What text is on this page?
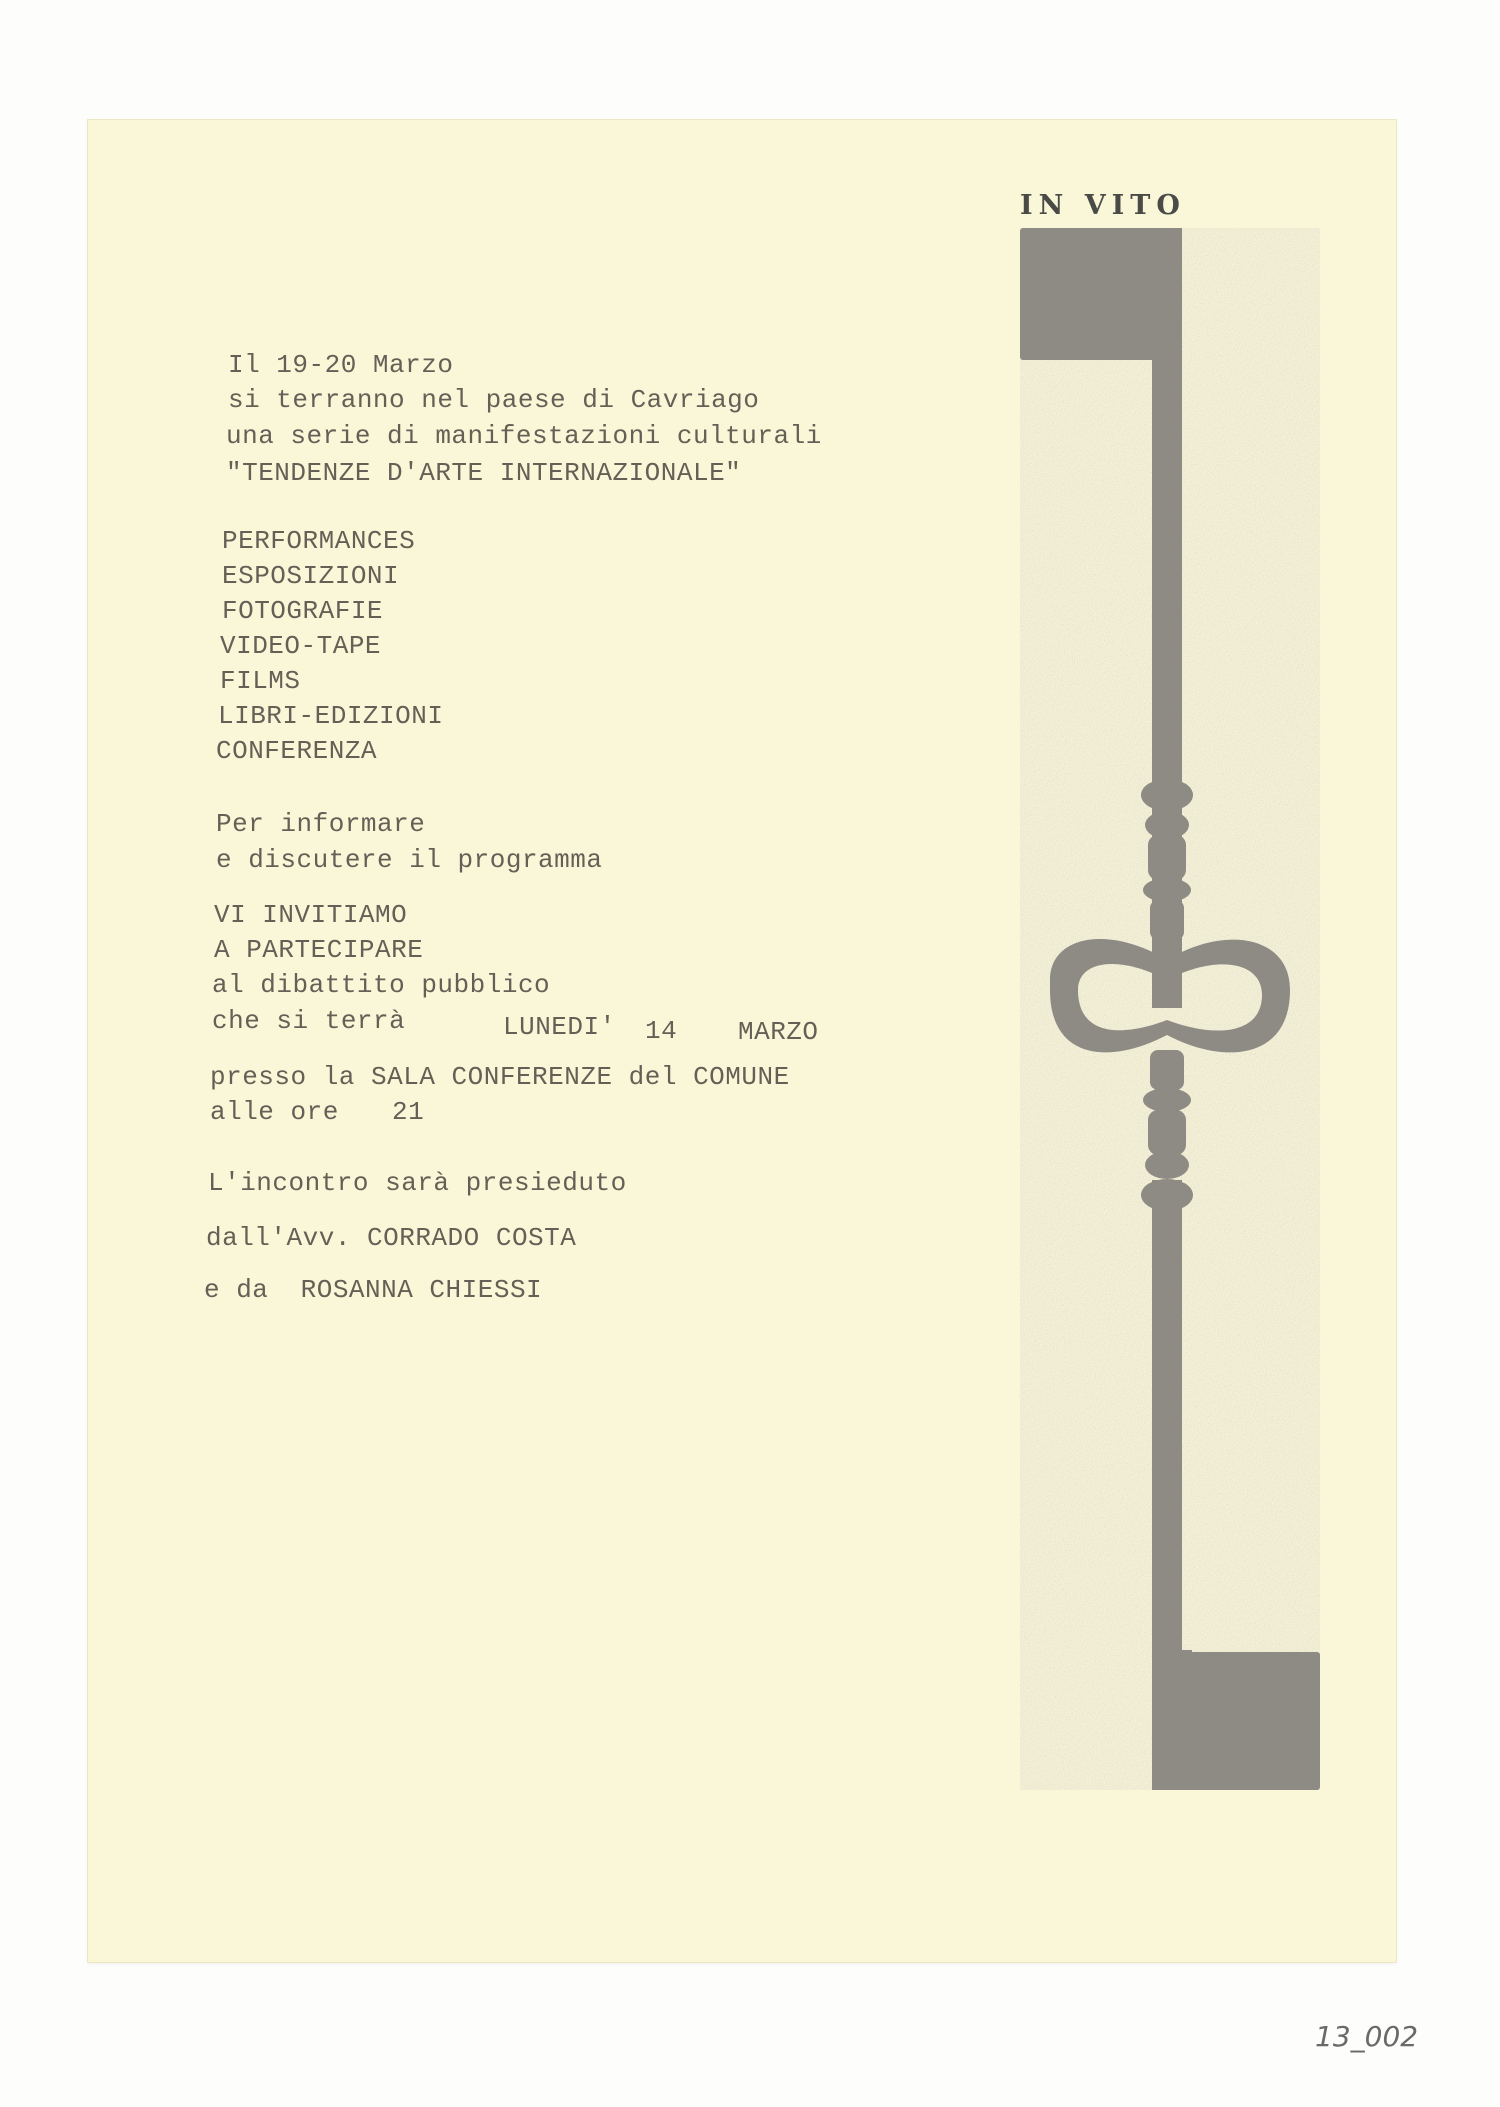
IN VITO
Il 19-20 Marzo
si terranno nel paese di Cavriago
una serie di manifestazioni culturali
"TENDENZE D'ARTE INTERNAZIONALE"
PERFORMANCES
ESPOSIZIONI
FOTOGRAFIE
VIDEO-TAPE
FILMS
LIBRI-EDIZIONI
CONFERENZA
Per informare
e discutere il programma
VI INVITIAMO
A PARTECIPARE
al dibattito pubblico
che si terrà	LUNEDI' 14 MARZO
presso la SALA CONFERENZE del COMUNE
alle ore 21
L'incontro sarà presieduto
dall'Avv. CORRADO COSTA
e da  ROSANNA CHIESSI
13_002
